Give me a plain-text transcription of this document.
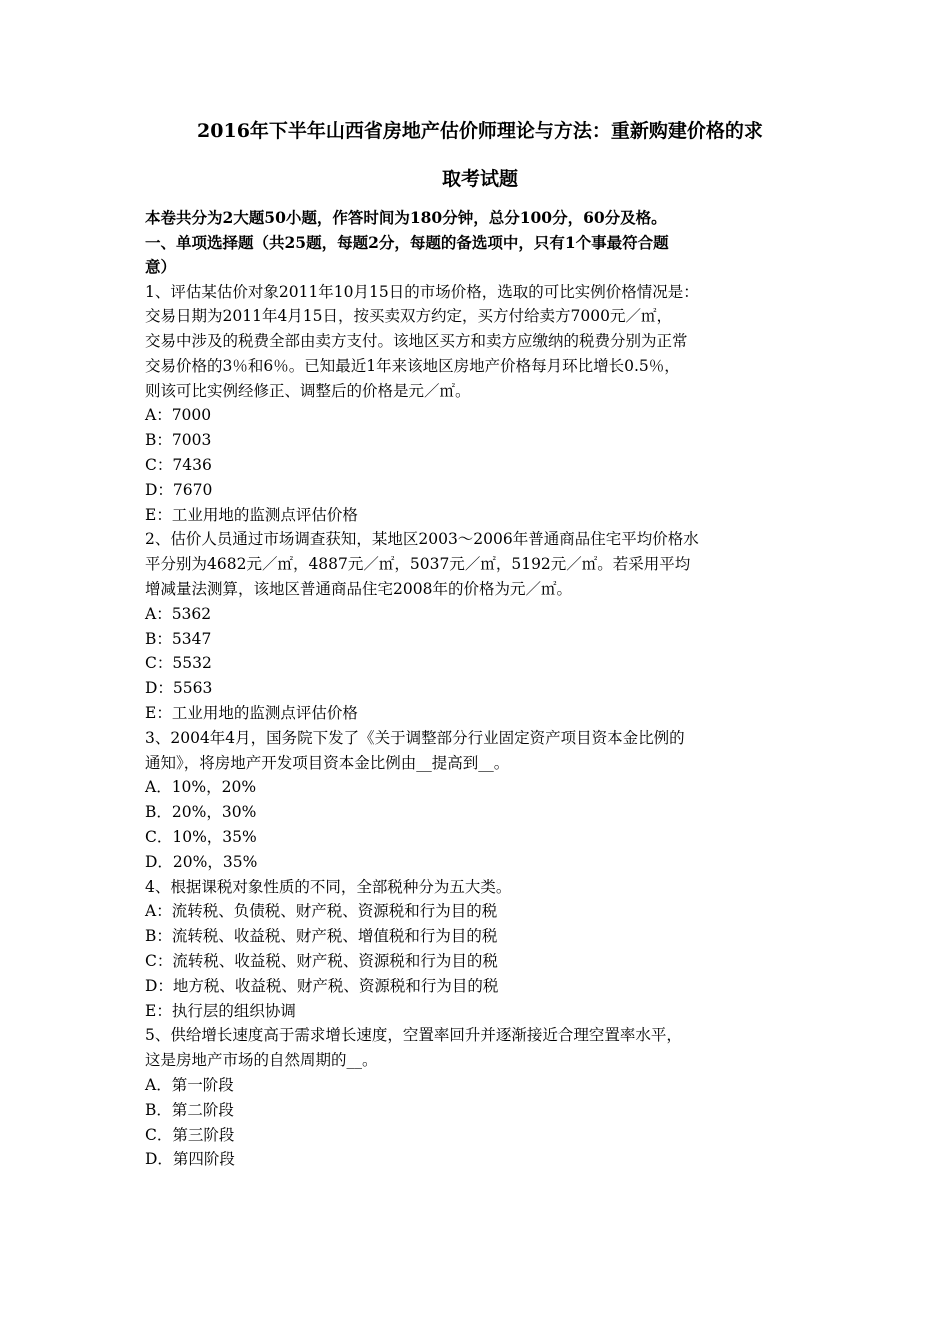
2016年下半年山西省房地产估价师理论与方法：重新购建价格的求

取考试题

本卷共分为2大题50小题，作答时间为180分钟，总分100分，60分及格。

一、单项选择题（共25题，每题2分，每题的备选项中，只有1个事最符合题

意）

1、评估某估价对象2011年10月15日的市场价格，选取的可比实例价格情况是：

交易日期为2011年4月15日，按买卖双方约定，买方付给卖方7000元／㎡，

交易中涉及的税费全部由卖方支付。该地区买方和卖方应缴纳的税费分别为正常

交易价格的3％和6％。已知最近1年来该地区房地产价格每月环比增长0.5％，

则该可比实例经修正、调整后的价格是元／㎡。

A：7000

B：7003

C：7436

D：7670

E：工业用地的监测点评估价格

2、估价人员通过市场调查获知，某地区2003～2006年普通商品住宅平均价格水

平分别为4682元／㎡，4887元／㎡，5037元／㎡，5192元／㎡。若采用平均

增减量法测算，该地区普通商品住宅2008年的价格为元／㎡。

A：5362

B：5347

C：5532

D：5563

E：工业用地的监测点评估价格

3、2004年4月，国务院下发了《关于调整部分行业固定资产项目资本金比例的

通知》，将房地产开发项目资本金比例由__提高到__。

A．10%，20%

B．20%，30%

C．10%，35%

D．20%，35%

4、根据课税对象性质的不同，全部税种分为五大类。

A：流转税、负债税、财产税、资源税和行为目的税

B：流转税、收益税、财产税、增值税和行为目的税

C：流转税、收益税、财产税、资源税和行为目的税

D：地方税、收益税、财产税、资源税和行为目的税

E：执行层的组织协调

5、供给增长速度高于需求增长速度，空置率回升并逐渐接近合理空置率水平，

这是房地产市场的自然周期的__。

A．第一阶段

B．第二阶段

C．第三阶段

D．第四阶段
